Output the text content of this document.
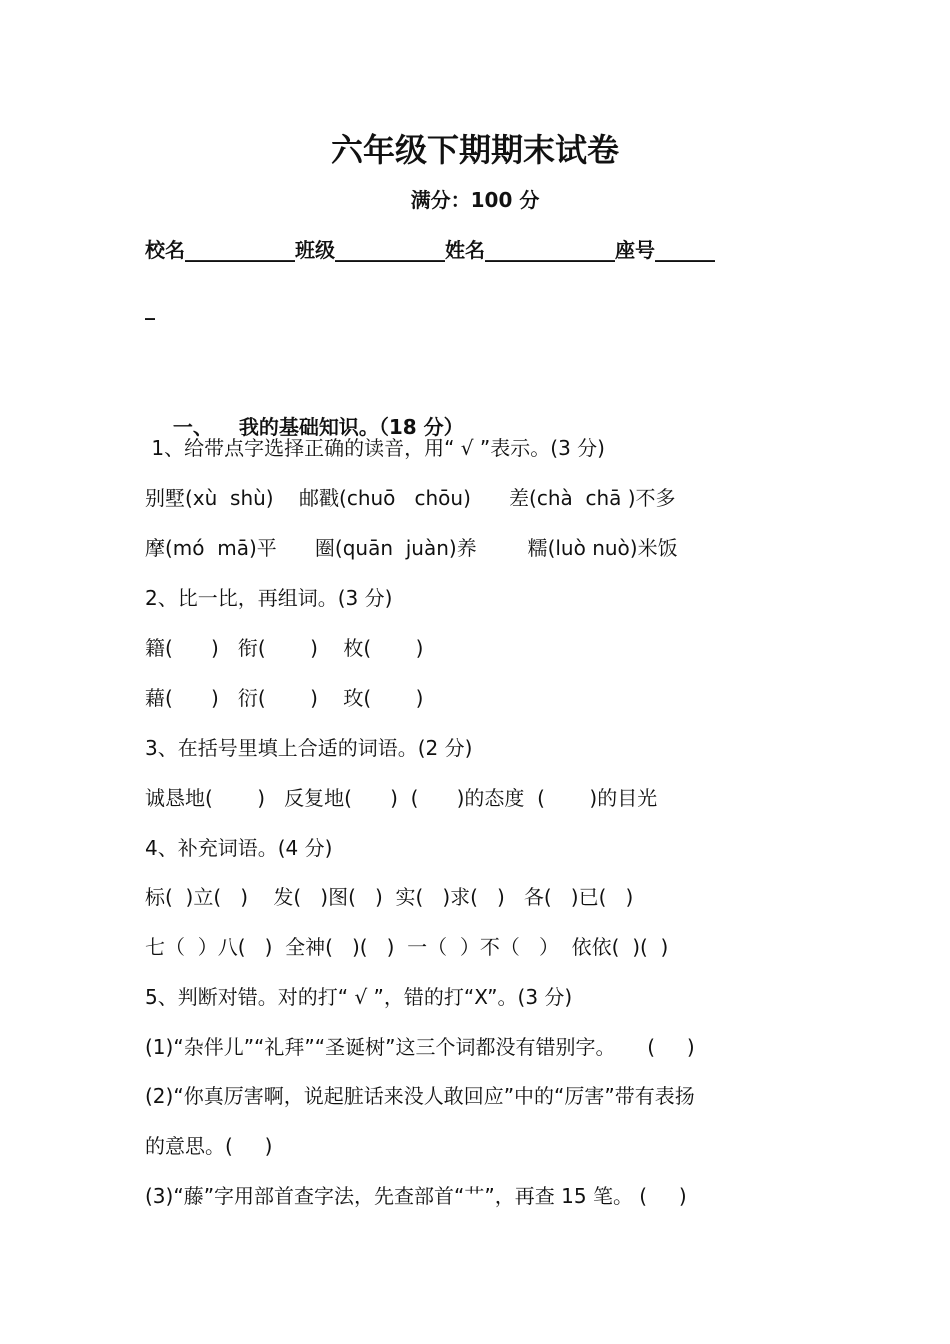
六年级下期期末试卷
满分：100 分
校名___________班级___________姓名_____________座号______
_

一、 我的基础知识。（18 分）

1、给带点字选择正确的读音，用“ √ ”表示。(3 分)
别墅(xù  shù)    邮戳(chuō   chōu)      差(chà  chā )不多
摩(mó  mā)平      圈(quān  juàn)养        糯(luò nuò)米饭
2、比一比，再组词。(3 分)
籍(      )   衔(       )    枚(       )
藉(      )   衍(       )    玫(       )
3、在括号里填上合适的词语。(2 分)
诚恳地(       )   反复地(      )  (      )的态度  (       )的目光
4、补充词语。(4 分)
标(  )立(   )    发(   )图(   )  实(   )求(   )   各(   )已(   )
七（  ）八(   )  全神(   )(   )  一（  ）不（   ）  依依(  )(  )
5、判断对错。对的打“ √ ”，错的打“X”。(3 分)
(1)“杂伴儿”“礼拜”“圣诞树”这三个词都没有错别字。     (     )
(2)“你真厉害啊，说起脏话来没人敢回应”中的“厉害”带有表扬
的意思。(     )
(3)“藤”字用部首查字法，先查部首“艹”，再查 15 笔。 (     )
